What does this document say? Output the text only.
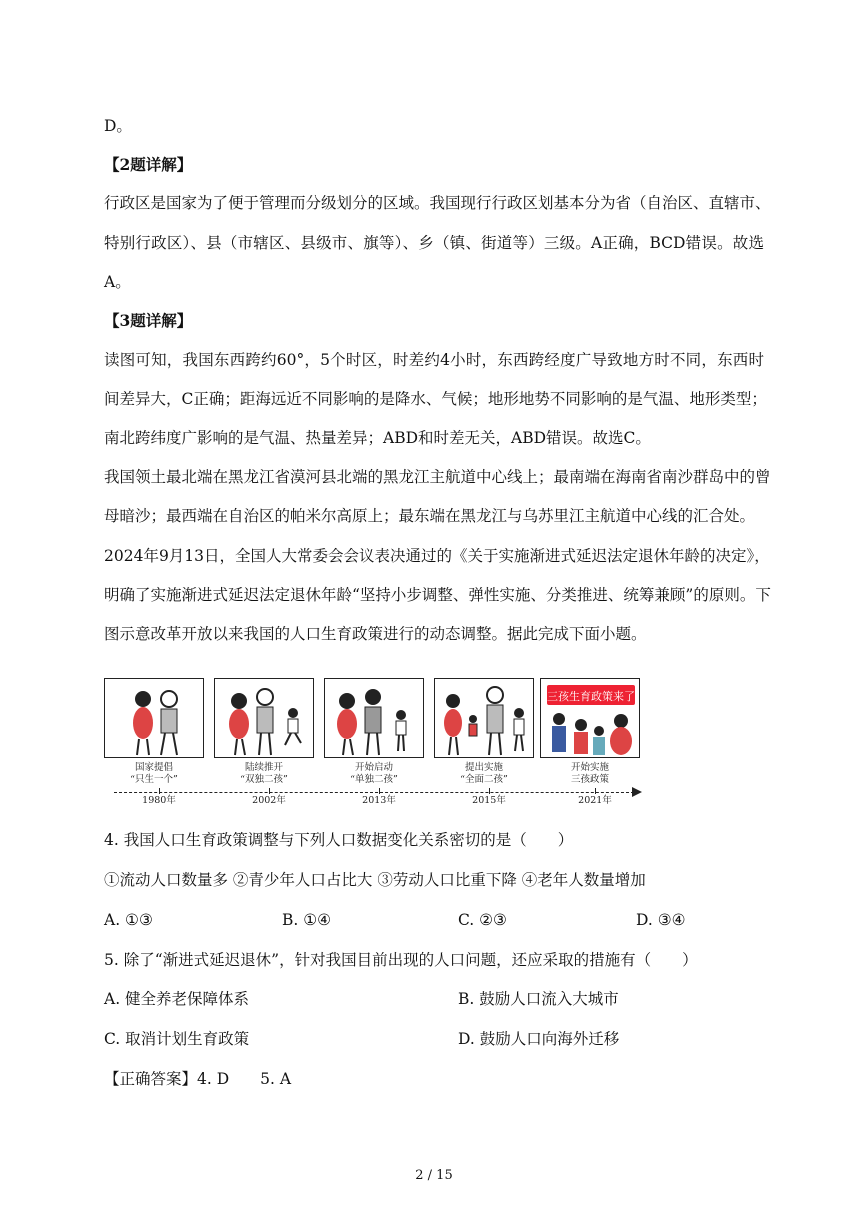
D。
【2题详解】
行政区是国家为了便于管理而分级划分的区域。我国现行行政区划基本分为省（自治区、直辖市、
特别行政区）、县（市辖区、县级市、旗等）、乡（镇、街道等）三级。A正确，BCD错误。故选
A。
【3题详解】
读图可知，我国东西跨约60°，5个时区，时差约4小时，东西跨经度广导致地方时不同，东西时
间差异大，C正确；距海远近不同影响的是降水、气候；地形地势不同影响的是气温、地形类型；
南北跨纬度广影响的是气温、热量差异；ABD和时差无关，ABD错误。故选C。
我国领土最北端在黑龙江省漠河县北端的黑龙江主航道中心线上；最南端在海南省南沙群岛中的曾
母暗沙；最西端在自治区的帕米尔高原上；最东端在黑龙江与乌苏里江主航道中心线的汇合处。
2024年9月13日，全国人大常委会会议表决通过的《关于实施渐进式延迟法定退休年龄的决定》，
明确了实施渐进式延迟法定退休年龄“坚持小步调整、弹性实施、分类推进、统筹兼顾”的原则。下
图示意改革开放以来我国的人口生育政策进行的动态调整。据此完成下面小题。
国家提倡
“只生一个”
陆续推开
“双独二孩”
开始启动
“单独二孩”
提出实施
“全面二孩”
三孩生育政策来了
开始实施
三孩政策
1980年	2002年	2013年	2015年	2021年
4. 我国人口生育政策调整与下列人口数据变化关系密切的是（　　）
①流动人口数量多 ②青少年人口占比大 ③劳动人口比重下降 ④老年人数量增加
A. ①③	B. ①④	C. ②③	D. ③④
5. 除了“渐进式延迟退休”，针对我国目前出现的人口问题，还应采取的措施有（　　）
A. 健全养老保障体系	B. 鼓励人口流入大城市
C. 取消计划生育政策	D. 鼓励人口向海外迁移
【正确答案】4. D　　5. A
2 / 15
